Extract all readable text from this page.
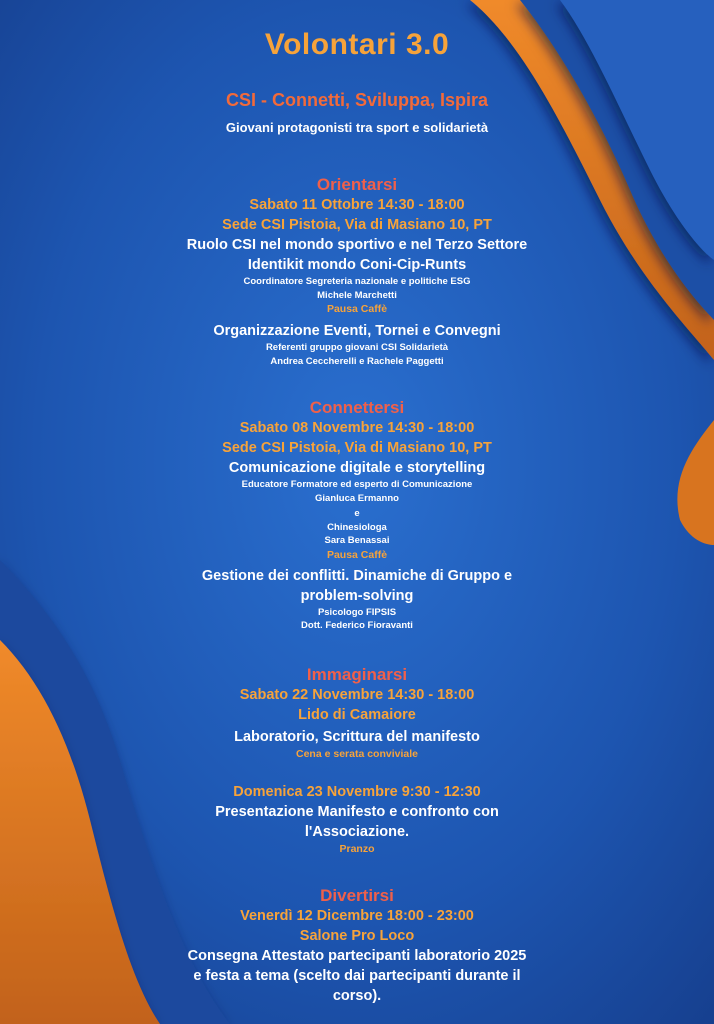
Volontari 3.0
CSI - Connetti, Sviluppa, Ispira
Giovani protagonisti tra sport e solidarietà
Orientarsi
Sabato 11 Ottobre 14:30 - 18:00
Sede CSI Pistoia, Via di Masiano 10, PT
Ruolo CSI nel mondo sportivo e nel Terzo Settore
Identikit mondo Coni-Cip-Runts
Coordinatore Segreteria nazionale e politiche ESG
Michele Marchetti
Pausa Caffè
Organizzazione Eventi, Tornei e Convegni
Referenti gruppo giovani CSI Solidarietà
Andrea Ceccherelli e Rachele Paggetti
Connettersi
Sabato 08 Novembre 14:30 - 18:00
Sede CSI Pistoia, Via di Masiano 10, PT
Comunicazione digitale e storytelling
Educatore Formatore ed esperto di Comunicazione
Gianluca Ermanno
e
Chinesiologa
Sara Benassai
Pausa Caffè
Gestione dei conflitti. Dinamiche di Gruppo e
problem-solving
Psicologo FIPSIS
Dott. Federico Fioravanti
Immaginarsi
Sabato 22 Novembre 14:30 - 18:00
Lido di Camaiore
Laboratorio, Scrittura del manifesto
Cena e serata conviviale
Domenica 23 Novembre 9:30 - 12:30
Presentazione Manifesto e confronto con
l'Associazione.
Pranzo
Divertirsi
Venerdì 12 Dicembre 18:00 - 23:00
Salone Pro Loco
Consegna Attestato partecipanti laboratorio 2025
e festa a tema (scelto dai partecipanti durante il
corso).
